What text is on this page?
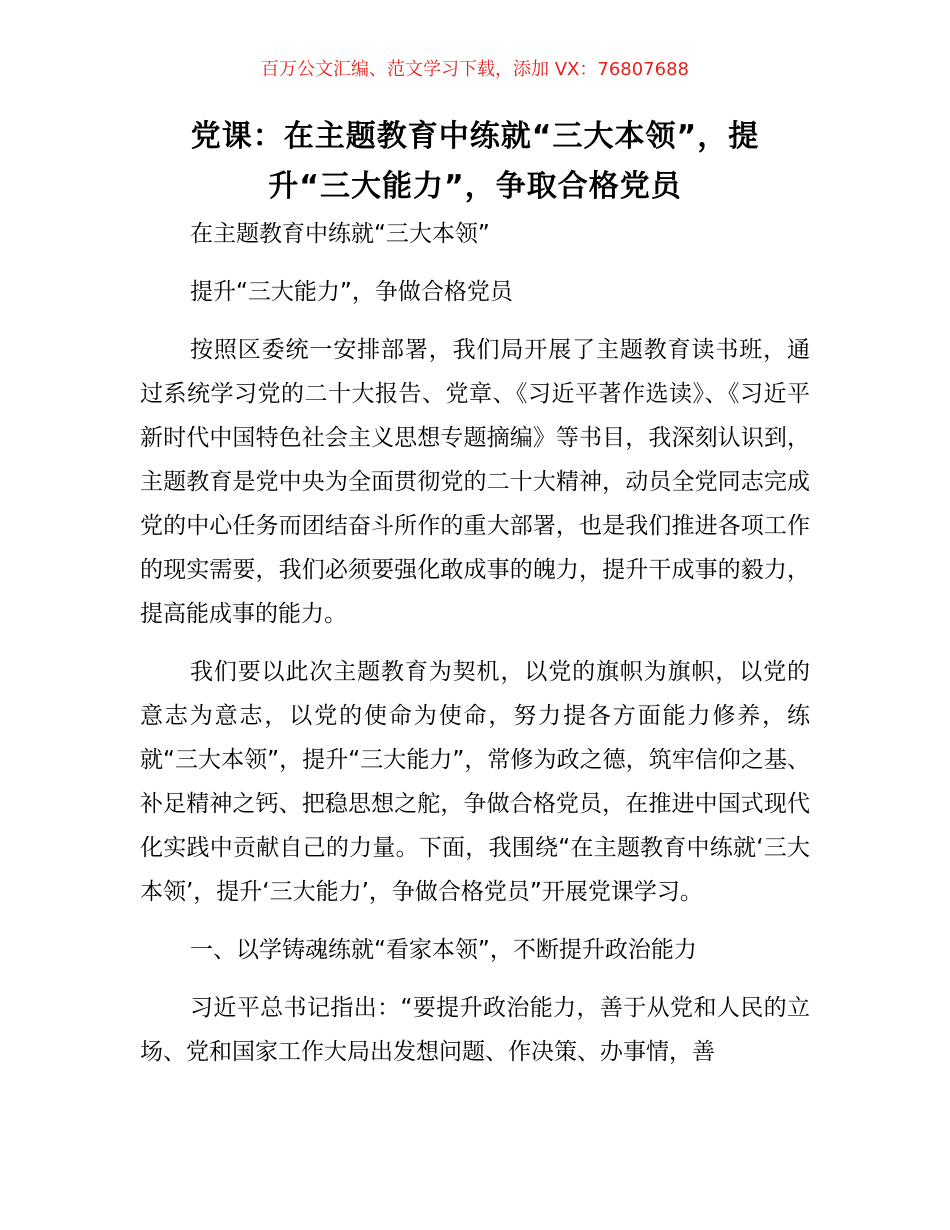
百万公文汇编、范文学习下载，添加 VX：76807688
党课：在主题教育中练就“三大本领”，提升“三大能力”，争取合格党员

在主题教育中练就“三大本领”

提升“三大能力”，争做合格党员

按照区委统一安排部署，我们局开展了主题教育读书班，通过系统学习党的二十大报告、党章、《习近平著作选读》、《习近平新时代中国特色社会主义思想专题摘编》等书目，我深刻认识到，主题教育是党中央为全面贯彻党的二十大精神，动员全党同志完成党的中心任务而团结奋斗所作的重大部署，也是我们推进各项工作的现实需要，我们必须要强化敢成事的魄力，提升干成事的毅力，提高能成事的能力。

我们要以此次主题教育为契机，以党的旗帜为旗帜，以党的意志为意志，以党的使命为使命，努力提各方面能力修养，练就“三大本领”，提升“三大能力”，常修为政之德，筑牢信仰之基、补足精神之钙、把稳思想之舵，争做合格党员，在推进中国式现代化实践中贡献自己的力量。下面，我围绕“在主题教育中练就‘三大本领’，提升‘三大能力’，争做合格党员”开展党课学习。

一、以学铸魂练就“看家本领”，不断提升政治能力

习近平总书记指出：“要提升政治能力，善于从党和人民的立场、党和国家工作大局出发想问题、作决策、办事情，善
